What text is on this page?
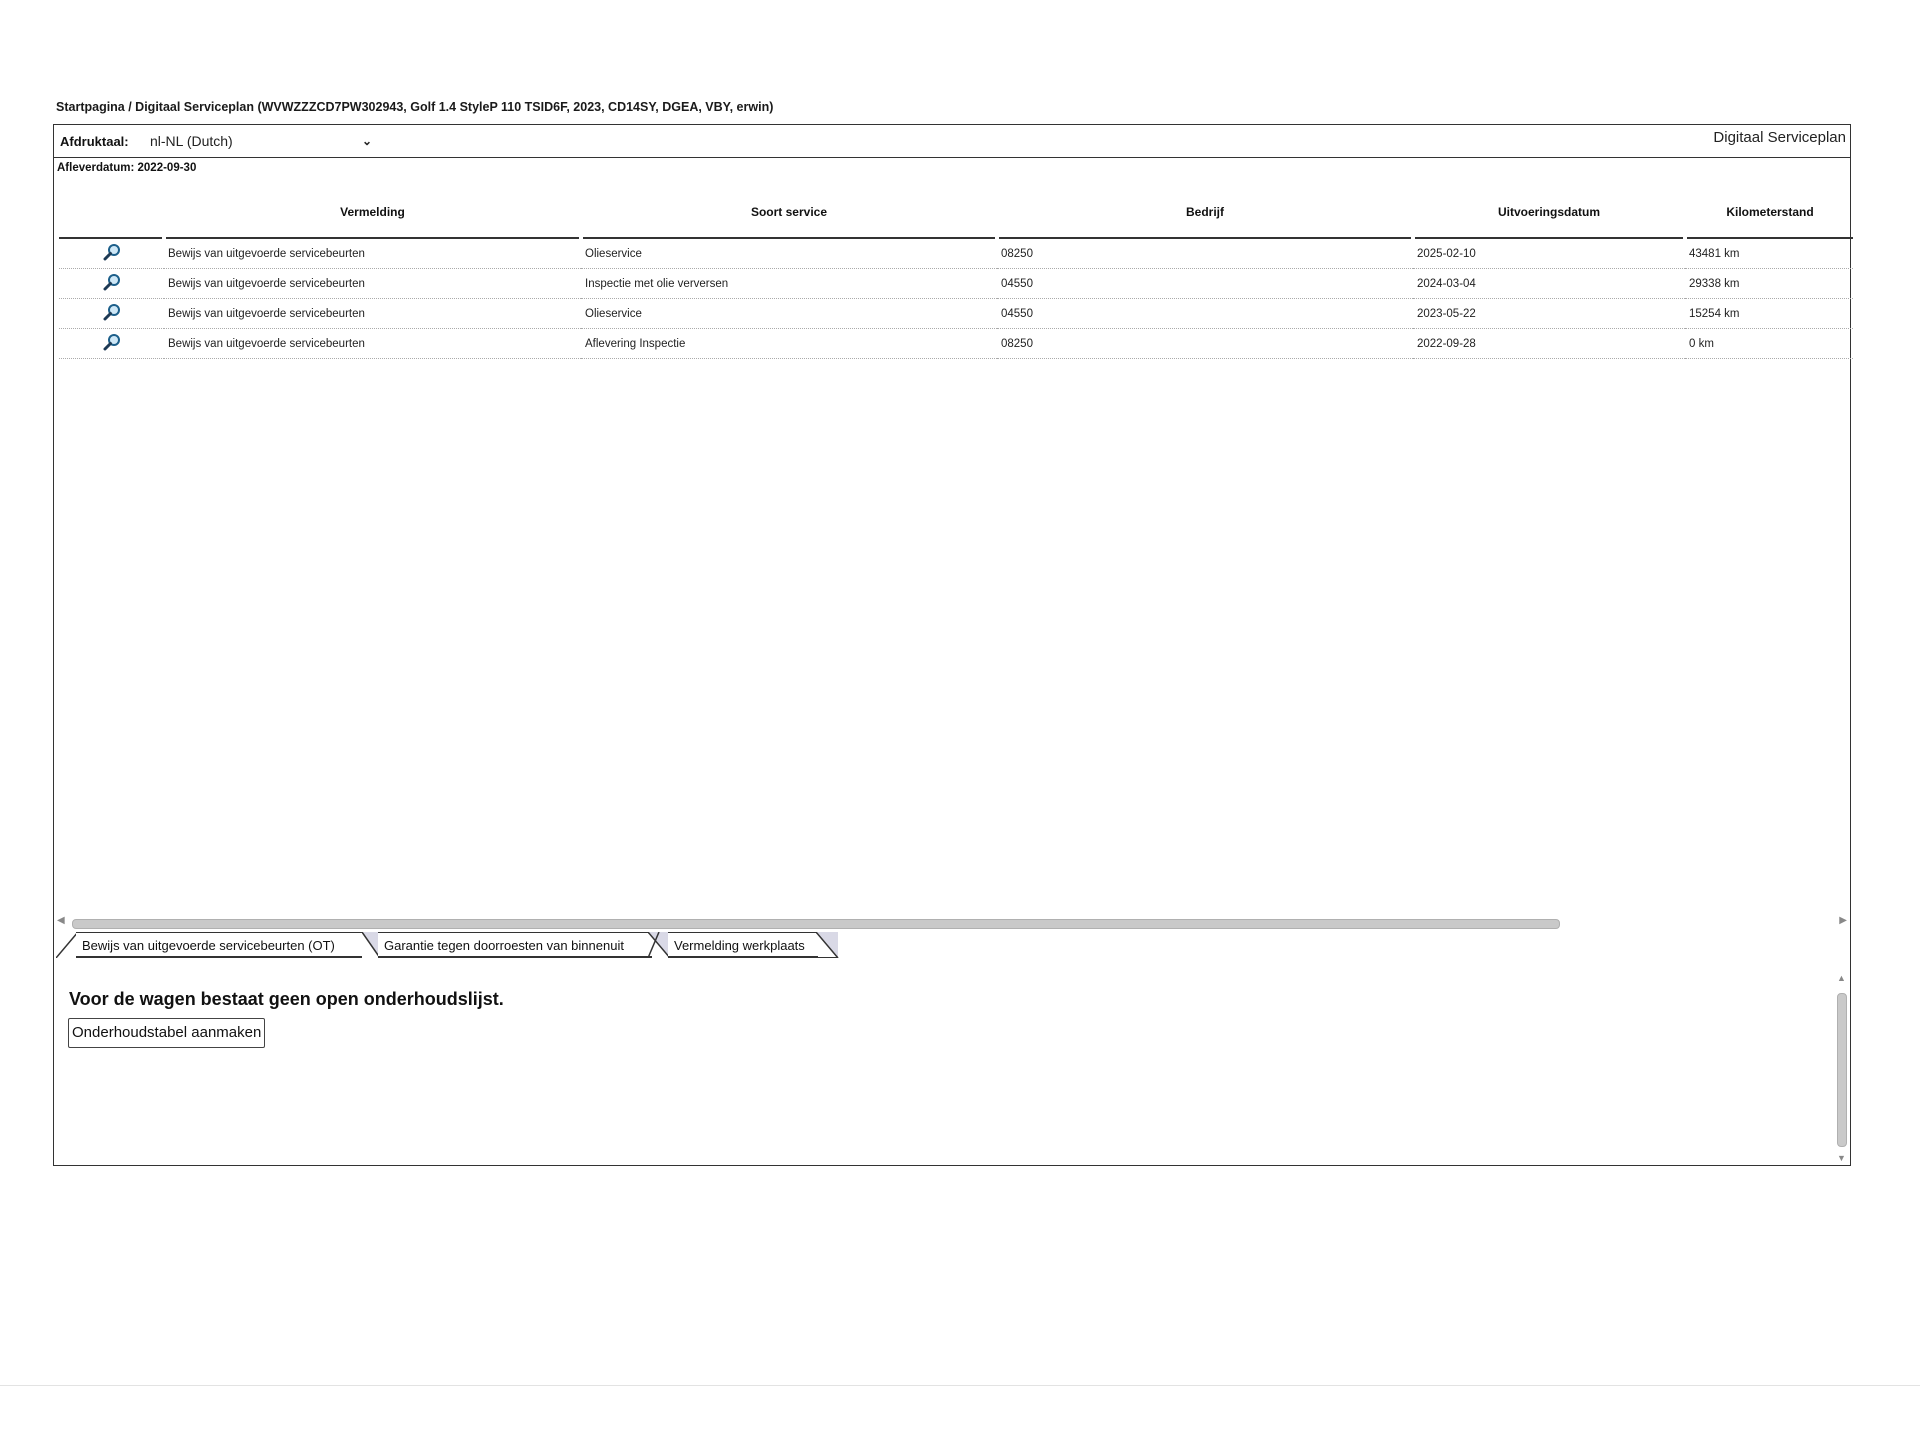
Startpagina / Digitaal Serviceplan (WVWZZZCD7PW302943, Golf 1.4 StyleP 110 TSID6F, 2023, CD14SY, DGEA, VBY, erwin)
Afdruktaal: nl-NL (Dutch)	⌄	Digitaal Serviceplan
Afleverdatum: 2022-09-30
	Vermelding	Soort service	Bedrijf	Uitvoeringsdatum	Kilometerstand
	Bewijs van uitgevoerde servicebeurten	Olieservice	08250	2025-02-10	43481 km
	Bewijs van uitgevoerde servicebeurten	Inspectie met olie verversen	04550	2024-03-04	29338 km
	Bewijs van uitgevoerde servicebeurten	Olieservice	04550	2023-05-22	15254 km
	Bewijs van uitgevoerde servicebeurten	Aflevering Inspectie	08250	2022-09-28	0 km
◀	▶
Bewijs van uitgevoerde servicebeurten (OT)	Garantie tegen doorroesten van binnenuit	Vermelding werkplaats
Voor de wagen bestaat geen open onderhoudslijst.
Onderhoudstabel aanmaken
▲
▼
